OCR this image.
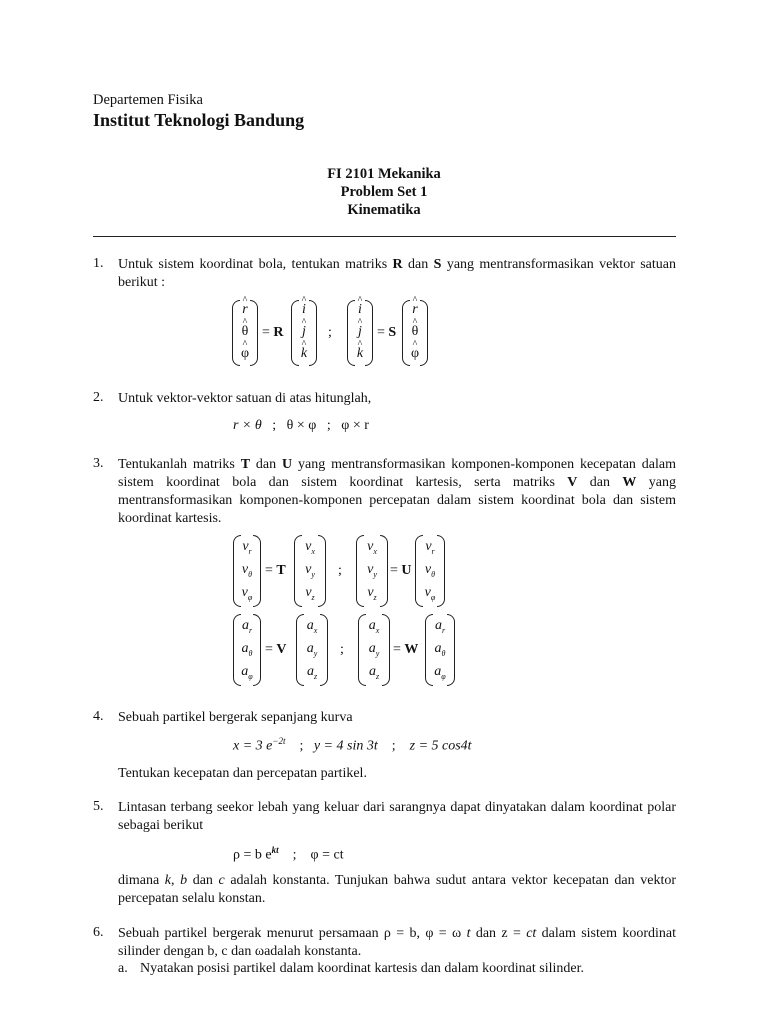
Departemen Fisika
Institut Teknologi Bandung
FI 2101 Mekanika
Problem Set 1
Kinematika
1. Untuk sistem koordinat bola, tentukan matriks R dan S yang mentransformasikan vektor satuan berikut :
r ^
θ ^
φ ^
= R
i ^
j ^
k ^
;
i ^
j ^
k ^
= S
r ^
θ ^
φ ^
2. Untuk vektor-vektor satuan di atas hitunglah,
r × θ ; θ × φ ; φ × r
3. Tentukanlah matriks T dan U yang mentransformasikan komponen-komponen kecepatan dalam sistem koordinat bola dan sistem koordinat kartesis, serta matriks V dan W yang mentransformasikan komponen-komponen percepatan dalam sistem koordinat bola dan sistem koordinat kartesis.
$v_r$
$v_\theta$
$v_\varphi$
= T
$v_x$
$v_y$
$v_z$
;
$v_x$
$v_y$
$v_z$
= U
$v_r$
$v_\theta$
$v_\varphi$
$a_r$
$a_\theta$
$a_\varphi$
= V
$a_x$
$a_y$
$a_z$
;
$a_x$
$a_y$
$a_z$
= W
$a_r$
$a_\theta$
$a_\varphi$
4. Sebuah partikel bergerak sepanjang kurva
x = 3 $e^{-2t}$ ; y = 4 sin 3t ; z = 5 cos4t
Tentukan kecepatan dan percepatan partikel.
5. Lintasan terbang seekor lebah yang keluar dari sarangnya dapat dinyatakan dalam koordinat polar sebagai berikut
ρ = b $e^{kt}$ ; φ = ct
dimana k, b dan c adalah konstanta. Tunjukan bahwa sudut antara vektor kecepatan dan vektor percepatan selalu konstan.
6. Sebuah partikel bergerak menurut persamaan ρ = b, φ = ω t dan z = ct dalam sistem koordinat silinder dengan b, c dan ωadalah konstanta.
a. Nyatakan posisi partikel dalam koordinat kartesis dan dalam koordinat silinder.
